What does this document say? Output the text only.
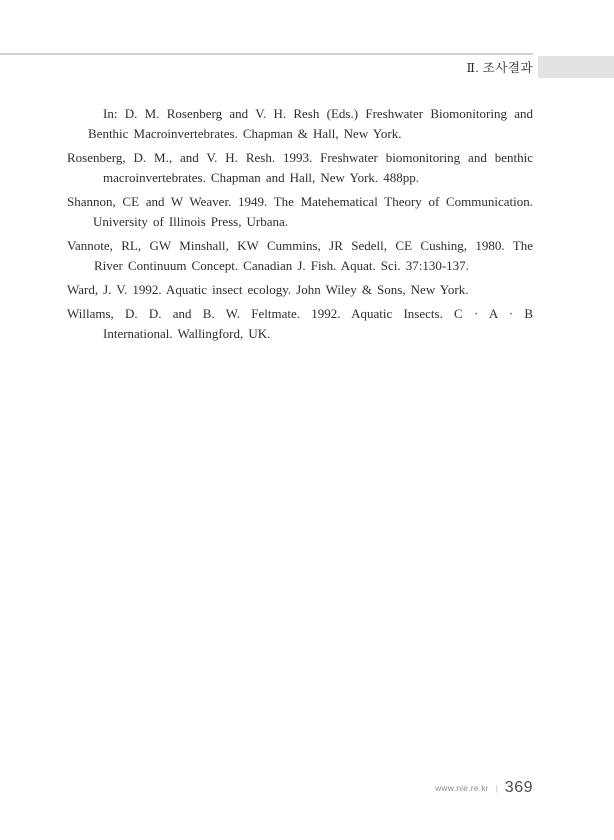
Ⅱ. 조사결과

In: D. M. Rosenberg and V. H. Resh (Eds.) Freshwater Biomonitoring and
Benthic Macroinvertebrates. Chapman & Hall, New York.

Rosenberg, D. M., and V. H. Resh. 1993. Freshwater biomonitoring and benthic
macroinvertebrates. Chapman and Hall, New York. 488pp.

Shannon, CE and W Weaver. 1949. The Matehematical Theory of Communication.
University of Illinois Press, Urbana.

Vannote, RL, GW Minshall, KW Cummins, JR Sedell, CE Cushing, 1980. The
River Continuum Concept. Canadian J. Fish. Aquat. Sci. 37:130-137.

Ward, J. V. 1992. Aquatic insect ecology. John Wiley & Sons, New York.

Willams, D. D. and B. W. Feltmate. 1992. Aquatic Insects. C · A · B
International. Wallingford, UK.

www.nie.re.kr | 369
